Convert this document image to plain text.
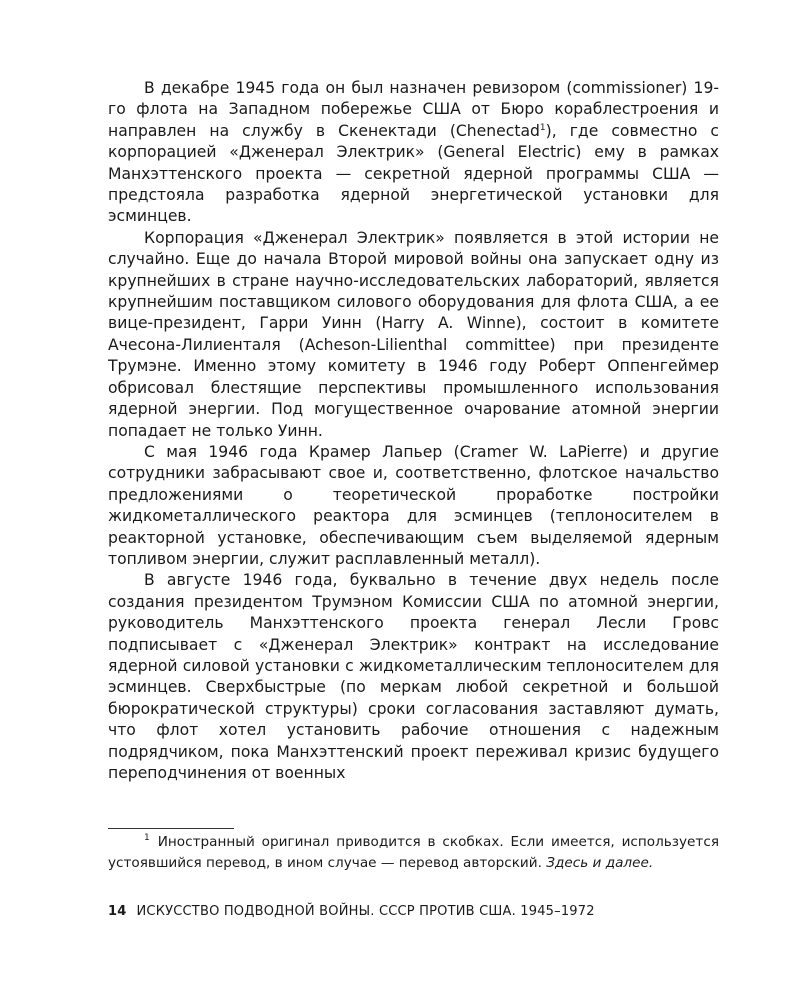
В декабре 1945 года он был назначен ревизором (commissioner) 19-го флота на Западном побережье США от Бюро кораблестроения и направлен на службу в Скенектади (Chenectad$^1$), где совместно с корпорацией «Дженерал Электрик» (General Electric) ему в рамках Манхэттенского проекта — секретной ядерной программы США — предстояла разработка ядерной энергетической установки для эсминцев.

Корпорация «Дженерал Электрик» появляется в этой истории не случайно. Еще до начала Второй мировой войны она запускает одну из крупнейших в стране научно-исследовательских лабораторий, является крупнейшим поставщиком силового оборудования для флота США, а ее вице-президент, Гарри Уинн (Harry A. Winne), состоит в комитете Ачесона-Лилиенталя (Acheson-Lilienthal committee) при президенте Трумэне. Именно этому комитету в 1946 году Роберт Оппенгеймер обрисовал блестящие перспективы промышленного использования ядерной энергии. Под могущественное очарование атомной энергии попадает не только Уинн.

С мая 1946 года Крамер Лапьер (Cramer W. LaPierre) и другие сотрудники забрасывают свое и, соответственно, флотское начальство предложениями о теоретической проработке постройки жидкометаллического реактора для эсминцев (теплоносителем в реакторной установке, обеспечивающим съем выделяемой ядерным топливом энергии, служит расплавленный металл).

В августе 1946 года, буквально в течение двух недель после создания президентом Трумэном Комиссии США по атомной энергии, руководитель Манхэттенского проекта генерал Лесли Гровс подписывает с «Дженерал Электрик» контракт на исследование ядерной силовой установки с жидкометаллическим теплоносителем для эсминцев. Сверхбыстрые (по меркам любой секретной и большой бюрократической структуры) сроки согласования заставляют думать, что флот хотел установить рабочие отношения с надежным подрядчиком, пока Манхэттенский проект переживал кризис будущего переподчинения от военных

$^1$ Иностранный оригинал приводится в скобках. Если имеется, используется устоявшийся перевод, в ином случае — перевод авторский. Здесь и далее.
14 ИСКУССТВО ПОДВОДНОЙ ВОЙНЫ. СССР ПРОТИВ США. 1945–1972
